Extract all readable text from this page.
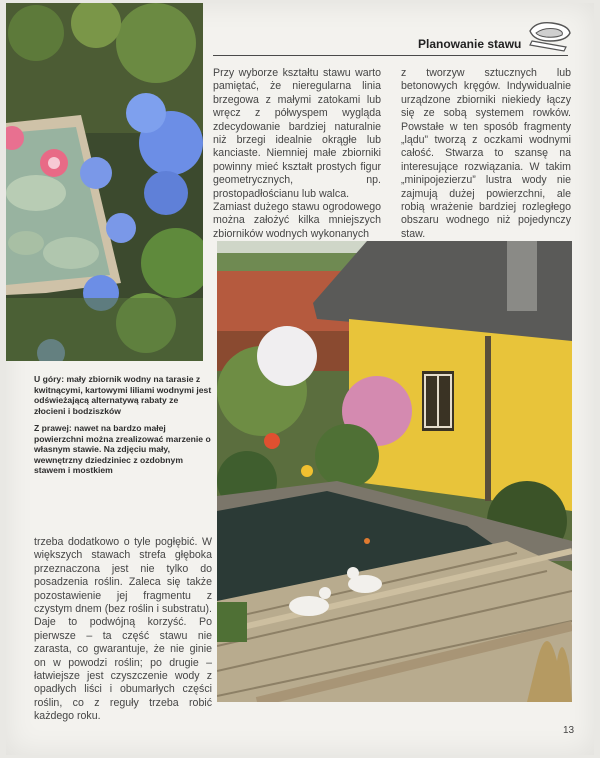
Planowanie stawu
Przy wyborze kształtu stawu warto pamiętać, że nieregularna linia brzegowa z małymi zatokami lub wręcz z półwyspem wygląda zdecydowanie bardziej naturalnie niż brzegi idealnie okrągłe lub kanciaste. Niemniej małe zbiorniki powinny mieć kształt prostych figur geometrycznych, np. prostopadłościanu lub walca.
Zamiast dużego stawu ogrodowego można założyć kilka mniejszych zbiorników wodnych wykonanych
z tworzyw sztucznych lub betonowych kręgów. Indywidualnie urządzone zbiorniki niekiedy łączy się ze sobą systemem rowków. Powstałe w ten sposób fragmenty „lądu” tworzą z oczkami wodnymi całość. Stwarza to szansę na interesujące rozwiązania. W takim „minipojezierzu” lustra wody nie zajmują dużej powierzchni, ale robią wrażenie bardziej rozległego obszaru wodnego niż pojedynczy staw.
U góry: mały zbiornik wodny na tarasie z kwitnącymi, kartowymi liliami wodnymi jest odświeżającą alternatywą rabaty ze złocieni i bodziszków
Z prawej: nawet na bardzo małej powierzchni można zrealizować marzenie o własnym stawie. Na zdjęciu mały, wewnętrzny dziedziniec z ozdobnym stawem i mostkiem
trzeba dodatkowo o tyle pogłębić. W większych stawach strefa głęboka przeznaczona jest nie tylko do posadzenia roślin. Zaleca się także pozostawienie jej fragmentu z czystym dnem (bez roślin i substratu). Daje to podwójną korzyść. Po pierwsze – ta część stawu nie zarasta, co gwarantuje, że nie ginie on w powodzi roślin; po drugie – łatwiejsze jest czyszczenie wody z opadłych liści i obumarłych części roślin, co z reguły trzeba robić każdego roku.
13
